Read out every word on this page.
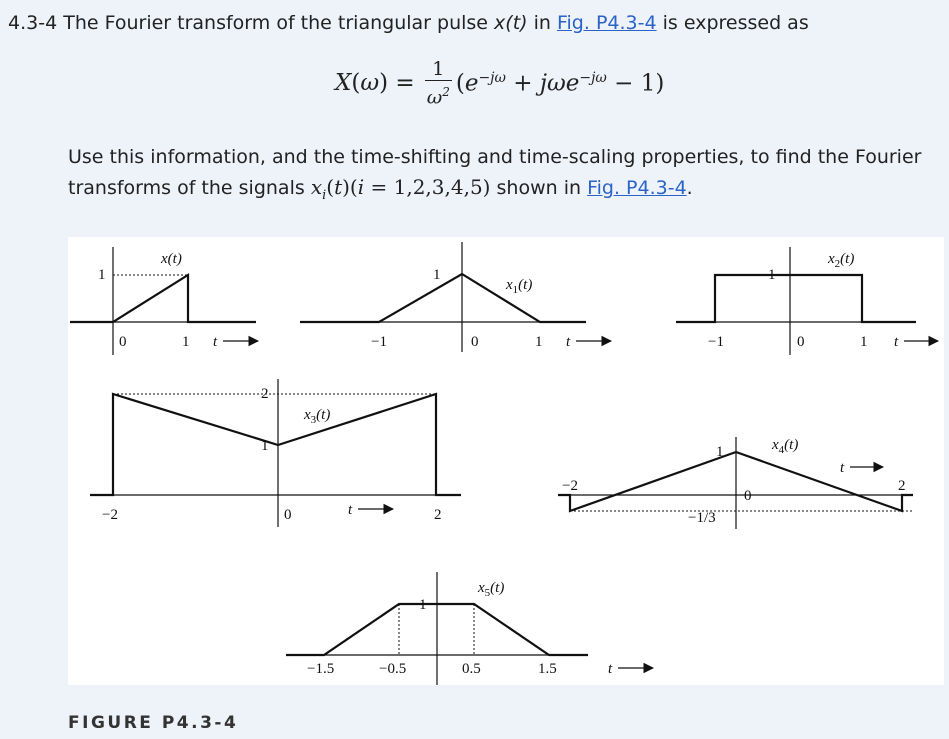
4.3-4 The Fourier transform of the triangular pulse x(t) in Fig. P4.3-4 is expressed as
$X(\omega) = \frac{1}{\omega^2} (e^{-j\omega} + j\omega e^{-j\omega} - 1)$
Use this information, and the time-shifting and time-scaling properties, to find the Fourier
transforms of the signals $x_i(t)(i = 1,2,3,4,5)$ shown in Fig. P4.3-4.
1
0	1
x(t)
t
1
−1	0	1
$x_1(t)$
t
1
−1	0	1
$x_2(t)$
t
2
1
−2	0	2
$x_3(t)$
t
1
−2
−1/3
0
2
$x_4(t)$
t
1
−1.5	−0.5	0.5	1.5
$x_5(t)$
t
FIGURE P4.3-4
